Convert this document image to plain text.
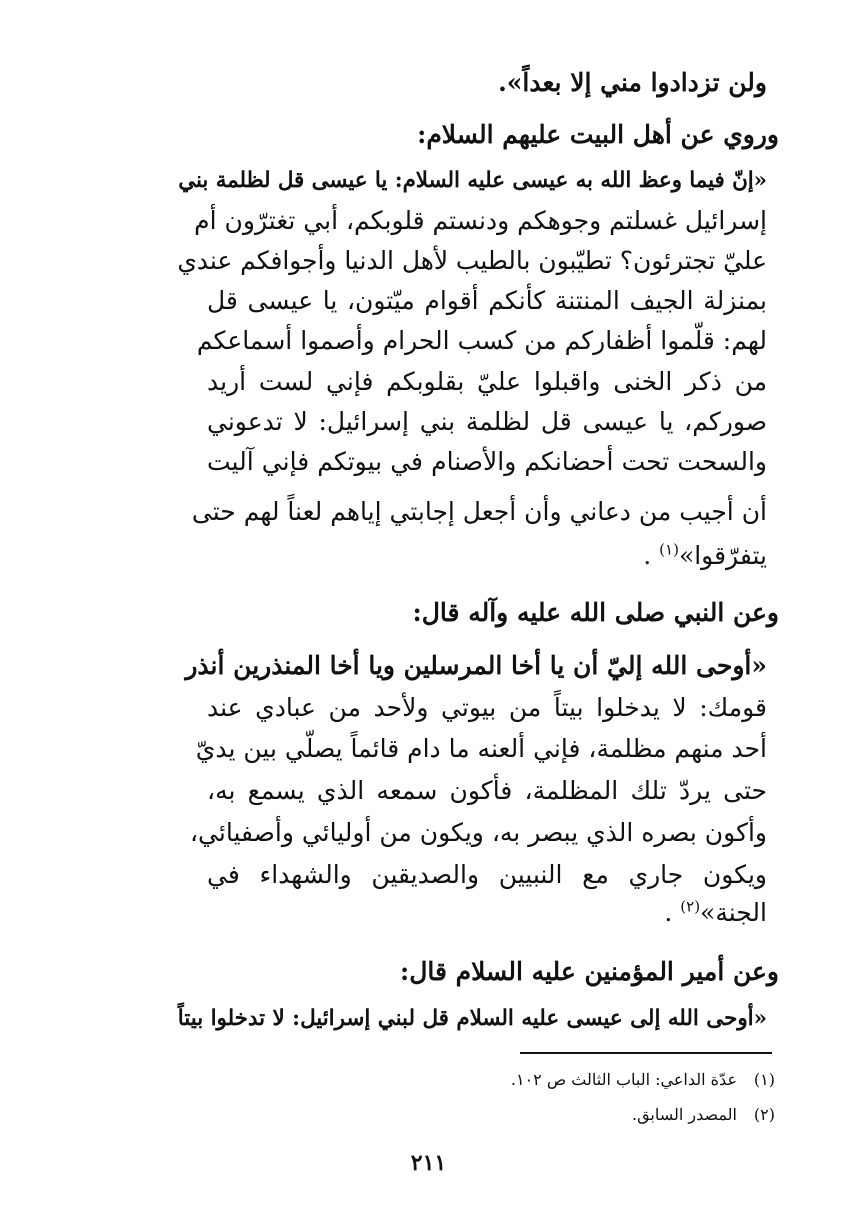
ولن تزدادوا مني إلا بعداً».
وروي عن أهل البيت عليهم السلام:
«إنّ فيما وعظ الله به عيسى عليه السلام: يا عيسى قل لظلمة بني
إسرائيل غسلتم وجوهكم ودنستم قلوبكم، أبي تغترّون أم
عليّ تجترئون؟ تطيّبون بالطيب لأهل الدنيا وأجوافكم عندي
بمنزلة الجيف المنتنة كأنكم أقوام ميّتون، يا عيسى قل
لهم: قلّموا أظفاركم من كسب الحرام وأصموا أسماعكم
من ذكر الخنى واقبلوا عليّ بقلوبكم فإني لست أريد
صوركم، يا عيسى قل لظلمة بني إسرائيل: لا تدعوني
والسحت تحت أحضانكم والأصنام في بيوتكم فإني آليت
أن أجيب من دعاني وأن أجعل إجابتي إياهم لعناً لهم حتى
يتفرّقوا»$^{(١)}$ .
وعن النبي صلى الله عليه وآله قال:
«أوحى الله إليّ أن يا أخا المرسلين ويا أخا المنذرين أنذر
قومك: لا يدخلوا بيتاً من بيوتي ولأحد من عبادي عند
أحد منهم مظلمة، فإني ألعنه ما دام قائماً يصلّي بين يديّ
حتى يردّ تلك المظلمة، فأكون سمعه الذي يسمع به،
وأكون بصره الذي يبصر به، ويكون من أوليائي وأصفيائي،
ويكون جاري مع النبيين والصديقين والشهداء في
الجنة»$^{(٢)}$ .
وعن أمير المؤمنين عليه السلام قال:
«أوحى الله إلى عيسى عليه السلام قل لبني إسرائيل: لا تدخلوا بيتاً
(١)عدّة الداعي: الباب الثالث ص ١٠٢.
(٢)المصدر السابق.
٢١١
